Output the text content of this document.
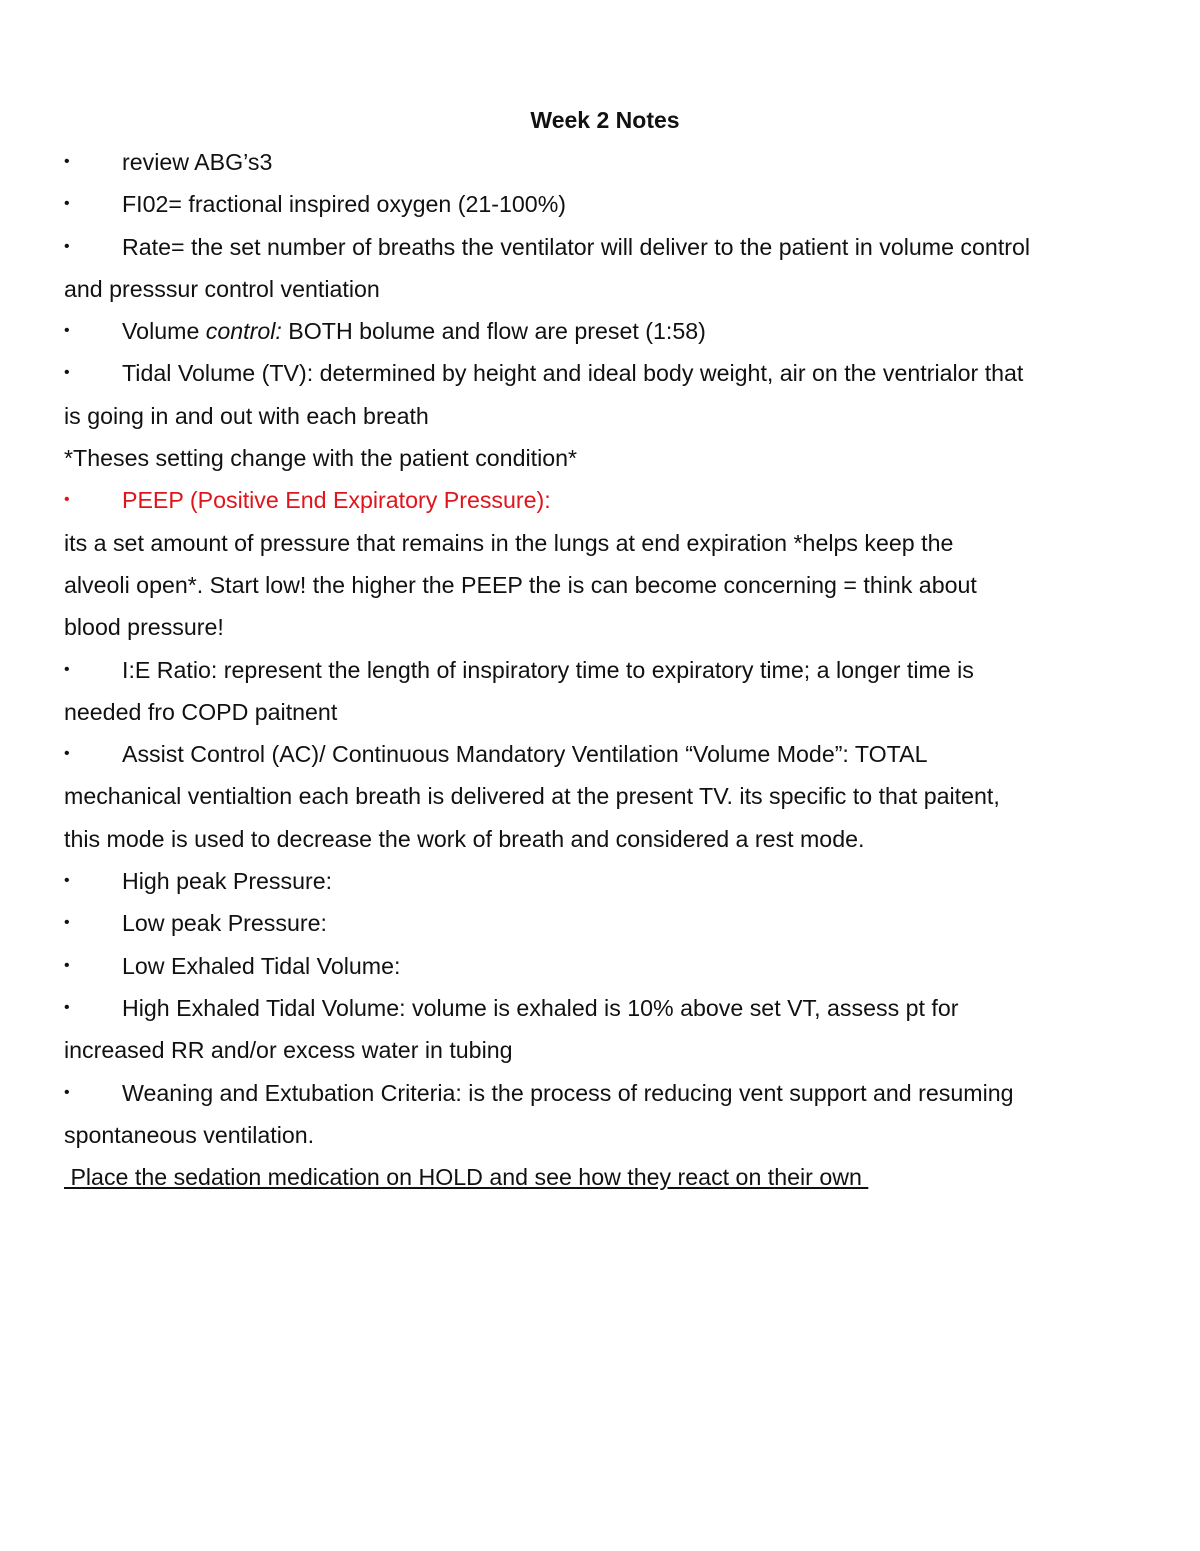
Week 2 Notes
• review ABG’s3
• FI02= fractional inspired oxygen (21-100%)
• Rate= the set number of breaths the ventilator will deliver to the patient in volume control
and presssur control ventiation
• Volume control: BOTH bolume and flow are preset (1:58)
• Tidal Volume (TV): determined by height and ideal body weight, air on the ventrialor that
is going in and out with each breath
*Theses setting change with the patient condition*
• PEEP (Positive End Expiratory Pressure):
its a set amount of pressure that remains in the lungs at end expiration *helps keep the
alveoli open*. Start low! the higher the PEEP the is can become concerning = think about
blood pressure!
• I:E Ratio: represent the length of inspiratory time to expiratory time; a longer time is
needed fro COPD paitnent
• Assist Control (AC)/ Continuous Mandatory Ventilation “Volume Mode”: TOTAL
mechanical ventialtion each breath is delivered at the present TV. its specific to that paitent,
this mode is used to decrease the work of breath and considered a rest mode.
• High peak Pressure:
• Low peak Pressure:
• Low Exhaled Tidal Volume:
• High Exhaled Tidal Volume: volume is exhaled is 10% above set VT, assess pt for
increased RR and/or excess water in tubing
• Weaning and Extubation Criteria: is the process of reducing vent support and resuming
spontaneous ventilation.
Place the sedation medication on HOLD and see how they react on their own
